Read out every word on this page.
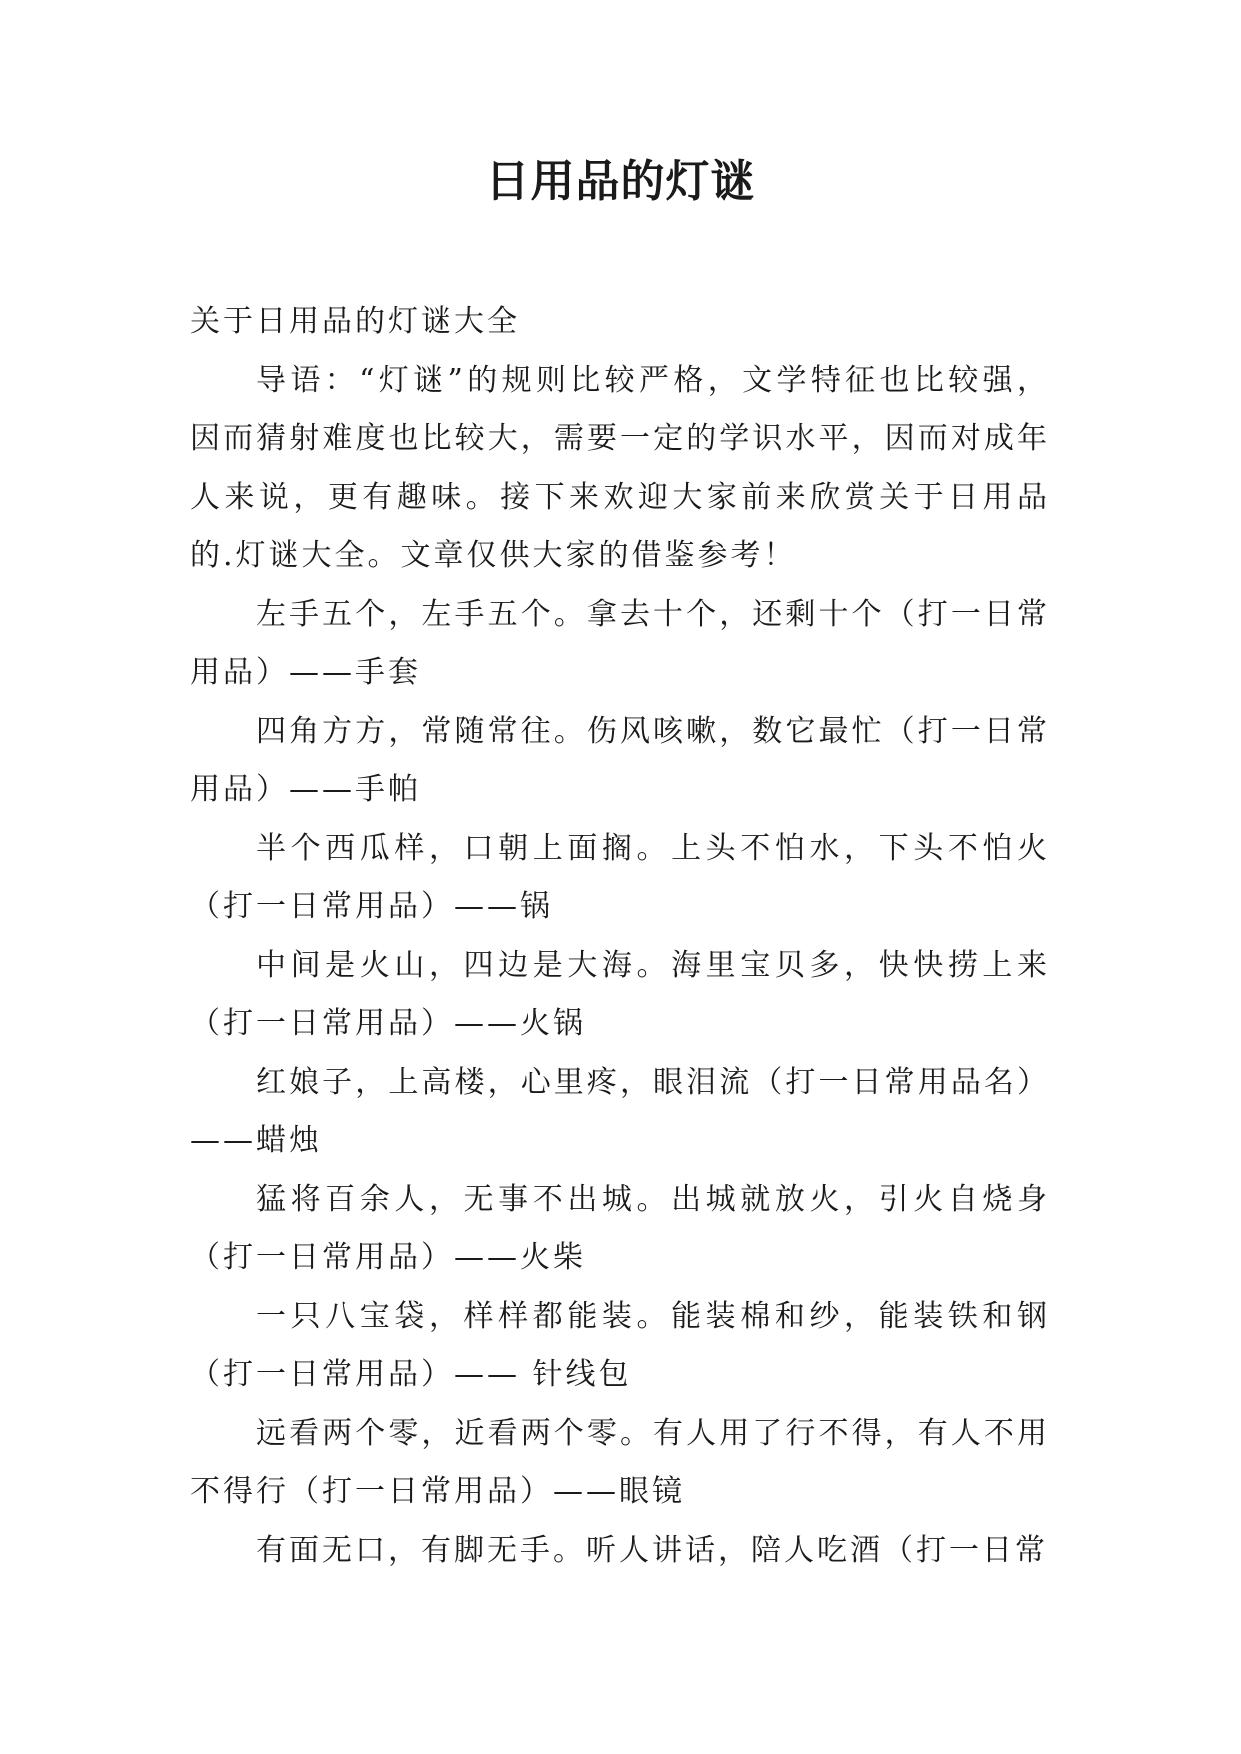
日用品的灯谜

关于日用品的灯谜大全

导语：“灯谜”的规则比较严格，文学特征也比较强，因而猜射难度也比较大，需要一定的学识水平，因而对成年人来说，更有趣味。接下来欢迎大家前来欣赏关于日用品的.灯谜大全。文章仅供大家的借鉴参考！

左手五个，左手五个。拿去十个，还剩十个（打一日常用品）——手套

四角方方，常随常往。伤风咳嗽，数它最忙（打一日常用品）——手帕

半个西瓜样，口朝上面搁。上头不怕水，下头不怕火（打一日常用品）——锅

中间是火山，四边是大海。海里宝贝多，快快捞上来（打一日常用品）——火锅

红娘子，上高楼，心里疼，眼泪流（打一日常用品名）——蜡烛

猛将百余人，无事不出城。出城就放火，引火自烧身（打一日常用品）——火柴

一只八宝袋，样样都能装。能装棉和纱，能装铁和钢（打一日常用品）—— 针线包

远看两个零，近看两个零。有人用了行不得，有人不用不得行（打一日常用品）——眼镜

有面无口，有脚无手。听人讲话，陪人吃酒（打一日常
